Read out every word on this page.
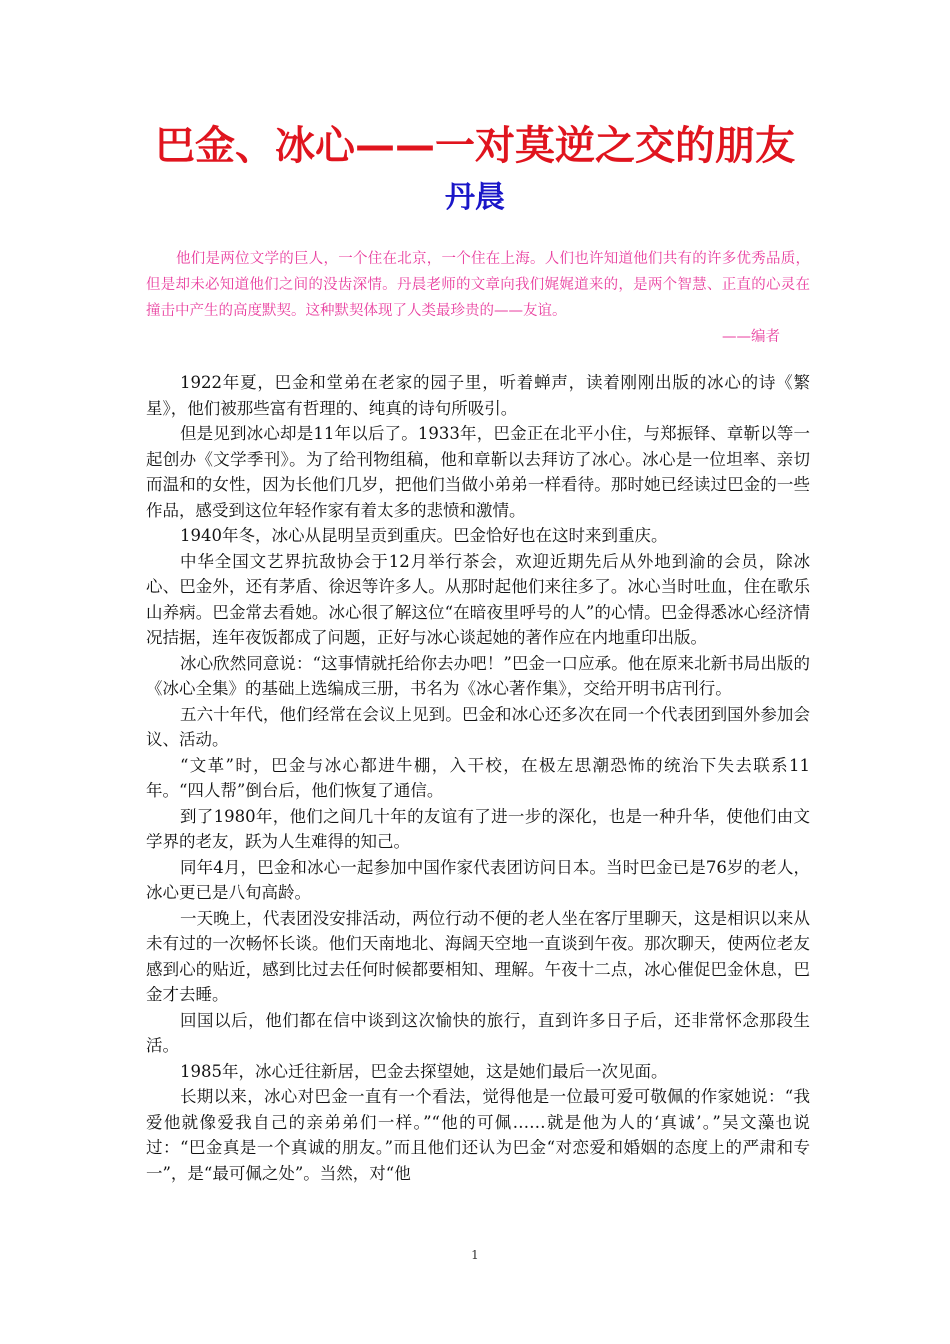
巴金、冰心——一对莫逆之交的朋友
丹晨
他们是两位文学的巨人，一个住在北京，一个住在上海。人们也许知道他们共有的许多优秀品质，但是却未必知道他们之间的没齿深情。丹晨老师的文章向我们娓娓道来的，是两个智慧、正直的心灵在撞击中产生的高度默契。这种默契体现了人类最珍贵的——友谊。
——编者

1922年夏，巴金和堂弟在老家的园子里，听着蝉声，读着刚刚出版的冰心的诗《繁星》，他们被那些富有哲理的、纯真的诗句所吸引。

但是见到冰心却是11年以后了。1933年，巴金正在北平小住，与郑振铎、章靳以等一起创办《文学季刊》。为了给刊物组稿，他和章靳以去拜访了冰心。冰心是一位坦率、亲切而温和的女性，因为长他们几岁，把他们当做小弟弟一样看待。那时她已经读过巴金的一些作品，感受到这位年轻作家有着太多的悲愤和激情。

1940年冬，冰心从昆明呈贡到重庆。巴金恰好也在这时来到重庆。

中华全国文艺界抗敌协会于12月举行茶会，欢迎近期先后从外地到渝的会员，除冰心、巴金外，还有茅盾、徐迟等许多人。从那时起他们来往多了。冰心当时吐血，住在歌乐山养病。巴金常去看她。冰心很了解这位“在暗夜里呼号的人”的心情。巴金得悉冰心经济情况拮据，连年夜饭都成了问题，正好与冰心谈起她的著作应在内地重印出版。

冰心欣然同意说：“这事情就托给你去办吧！”巴金一口应承。他在原来北新书局出版的《冰心全集》的基础上选编成三册，书名为《冰心著作集》，交给开明书店刊行。

五六十年代，他们经常在会议上见到。巴金和冰心还多次在同一个代表团到国外参加会议、活动。

“文革”时，巴金与冰心都进牛棚，入干校，在极左思潮恐怖的统治下失去联系11年。“四人帮”倒台后，他们恢复了通信。

到了1980年，他们之间几十年的友谊有了进一步的深化，也是一种升华，使他们由文学界的老友，跃为人生难得的知己。

同年4月，巴金和冰心一起参加中国作家代表团访问日本。当时巴金已是76岁的老人，冰心更已是八旬高龄。

一天晚上，代表团没安排活动，两位行动不便的老人坐在客厅里聊天，这是相识以来从未有过的一次畅怀长谈。他们天南地北、海阔天空地一直谈到午夜。那次聊天，使两位老友感到心的贴近，感到比过去任何时候都要相知、理解。午夜十二点，冰心催促巴金休息，巴金才去睡。

回国以后，他们都在信中谈到这次愉快的旅行，直到许多日子后，还非常怀念那段生活。

1985年，冰心迁往新居，巴金去探望她，这是她们最后一次见面。

长期以来，冰心对巴金一直有一个看法，觉得他是一位最可爱可敬佩的作家她说：“我爱他就像爱我自己的亲弟弟们一样。”“他的可佩……就是他为人的‘真诚’。”吴文藻也说过：“巴金真是一个真诚的朋友。”而且他们还认为巴金“对恋爱和婚姻的态度上的严肃和专一”，是“最可佩之处”。当然，对“他

1
